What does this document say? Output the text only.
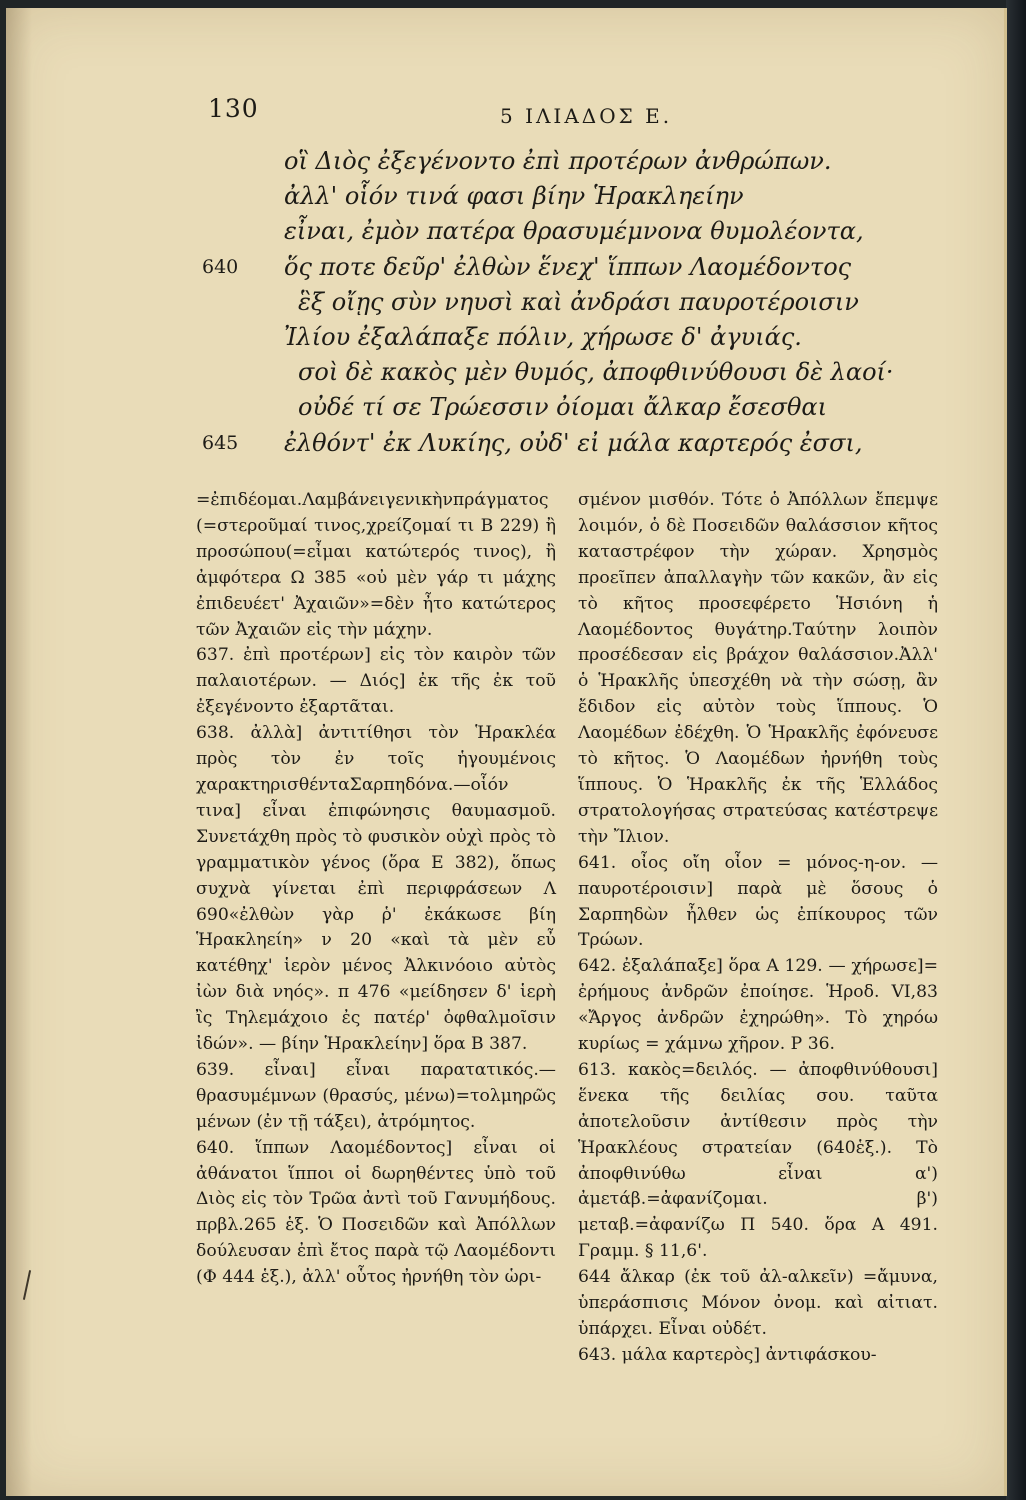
130	5 ΙΛΙΑΔΟΣ Ε.
οἳ Διὸς ἐξεγένοντο ἐπὶ προτέρων ἀνθρώπων.
ἀλλ' οἷόν τινά φασι βίην Ἡρακληείην
εἶναι, ἐμὸν πατέρα θρασυμέμνονα θυμολέοντα,
640 ὅς ποτε δεῦρ' ἐλθὼν ἕνεχ' ἵππων Λαομέδοντος
ἓξ οἴῃς σὺν νηυσὶ καὶ ἀνδράσι παυροτέροισιν
Ἰλίου ἐξαλάπαξε πόλιν, χήρωσε δ' ἀγυιάς.
σοὶ δὲ κακὸς μὲν θυμός, ἀποφθινύθουσι δὲ λαοί·
οὐδέ τί σε Τρώεσσιν ὀίομαι ἄλκαρ ἔσεσθαι
645 ἐλθόντ' ἐκ Λυκίης, οὐδ' εἰ μάλα καρτερός ἐσσι,

=ἐπιδέομαι.Λαμβάνειγενικὴνπράγματος (=στεροῦμαί τινος,χρείζομαί τι Β 229) ἢ προσώπου(=εἶμαι κατώτερός τινος), ἢ ἀμφότερα Ω 385 «οὐ μὲν γάρ τι μάχης ἐπιδευέετ' Ἀχαιῶν»=δὲν ἦτο κατώτερος τῶν Ἀχαιῶν εἰς τὴν μάχην.

637. ἐπὶ προτέρων] εἰς τὸν καιρὸν τῶν παλαιοτέρων. — Διός] ἐκ τῆς ἐκ τοῦ ἐξεγένοντο ἐξαρτᾶται.

638. ἀλλὰ] ἀντιτίθησι τὸν Ἡρακλέα πρὸς τὸν ἐν τοῖς ἡγουμένοις χαρακτηρισθένταΣαρπηδόνα.—οἷόν τινα] εἶναι ἐπιφώνησις θαυμασμοῦ. Συνετάχθη πρὸς τὸ φυσικὸν οὐχὶ πρὸς τὸ γραμματικὸν γένος (ὅρα Ε 382), ὅπως συχνὰ γίνεται ἐπὶ περιφράσεων Λ 690«ἐλθὼν γὰρ ῥ' ἐκάκωσε βίη Ἡρακληείη» ν 20 «καὶ τὰ μὲν εὖ κατέθηχ' ἱερὸν μένος Ἀλκινόοιο αὐτὸς ἰὼν διὰ νηός». π 476 «μείδησεν δ' ἱερὴ ἲς Τηλεμάχοιο ἐς πατέρ' ὀφθαλμοῖσιν ἰδών». — βίην Ἡρακλείην] ὅρα Β 387.

639. εἶναι] εἶναι παρατατικός.— θρασυμέμνων (θρασύς, μένω)=τολμηρῶς μένων (ἐν τῇ τάξει), ἀτρόμητος.

640. ἵππων Λαομέδοντος] εἶναι οἱ ἀθάνατοι ἵπποι οἱ δωρηθέντες ὑπὸ τοῦ Διὸς εἰς τὸν Τρῶα ἀντὶ τοῦ Γανυμήδους. πρβλ.265 ἑξ. Ὁ Ποσειδῶν καὶ Ἀπόλλων δούλευσαν ἐπὶ ἔτος παρὰ τῷ Λαομέδοντι (Φ 444 ἑξ.), ἀλλ' οὗτος ἠρνήθη τὸν ὡρι-

σμένον μισθόν. Τότε ὁ Ἀπόλλων ἔπεμψε λοιμόν, ὁ δὲ Ποσειδῶν θαλάσσιον κῆτος καταστρέφον τὴν χώραν. Χρησμὸς προεῖπεν ἀπαλλαγὴν τῶν κακῶν, ἂν εἰς τὸ κῆτος προσεφέρετο Ἡσιόνη ἡ Λαομέδοντος θυγάτηρ.Ταύτην λοιπὸν προσέδεσαν εἰς βράχον θαλάσσιον.Ἀλλ' ὁ Ἡρακλῆς ὑπεσχέθη νὰ τὴν σώσῃ, ἂν ἔδιδον εἰς αὐτὸν τοὺς ἵππους. Ὁ Λαομέδων ἐδέχθη. Ὁ Ἡρακλῆς ἐφόνευσε τὸ κῆτος. Ὁ Λαομέδων ἠρνήθη τοὺς ἵππους. Ὁ Ἡρακλῆς ἐκ τῆς Ἑλλάδος στρατολογήσας στρατεύσας κατέστρεψε τὴν Ἴλιον.

641. οἶος οἴη οἶον = μόνος-η-ον. —παυροτέροισιν] παρὰ μὲ ὅσους ὁ Σαρπηδὼν ἦλθεν ὡς ἐπίκουρος τῶν Τρώων.

642. ἐξαλάπαξε] ὅρα Α 129. — χήρωσε]= ἐρήμους ἀνδρῶν ἐποίησε. Ἡροδ. VI,83 «Ἄργος ἀνδρῶν ἐχηρώθη». Τὸ χηρόω κυρίως = χάμνω χῆρον. Ρ 36.

613. κακὸς=δειλός. — ἀποφθινύθουσι] ἕνεκα τῆς δειλίας σου. ταῦτα ἀποτελοῦσιν ἀντίθεσιν πρὸς τὴν Ἡρακλέους στρατείαν (640ἑξ.). Τὸ ἀποφθινύθω εἶναι α') ἀμετάβ.=ἀφανίζομαι. β') μεταβ.=ἀφανίζω Π 540. ὅρα Α 491. Γραμμ. § 11,6'.

644 ἄλκαρ (ἐκ τοῦ ἀλ-αλκεῖν) =ἄμυνα, ὑπεράσπισις Μόνον ὀνομ. καὶ αἰτιατ. ὑπάρχει. Εἶναι οὐδέτ.

643. μάλα καρτερὸς] ἀντιφάσκου-
